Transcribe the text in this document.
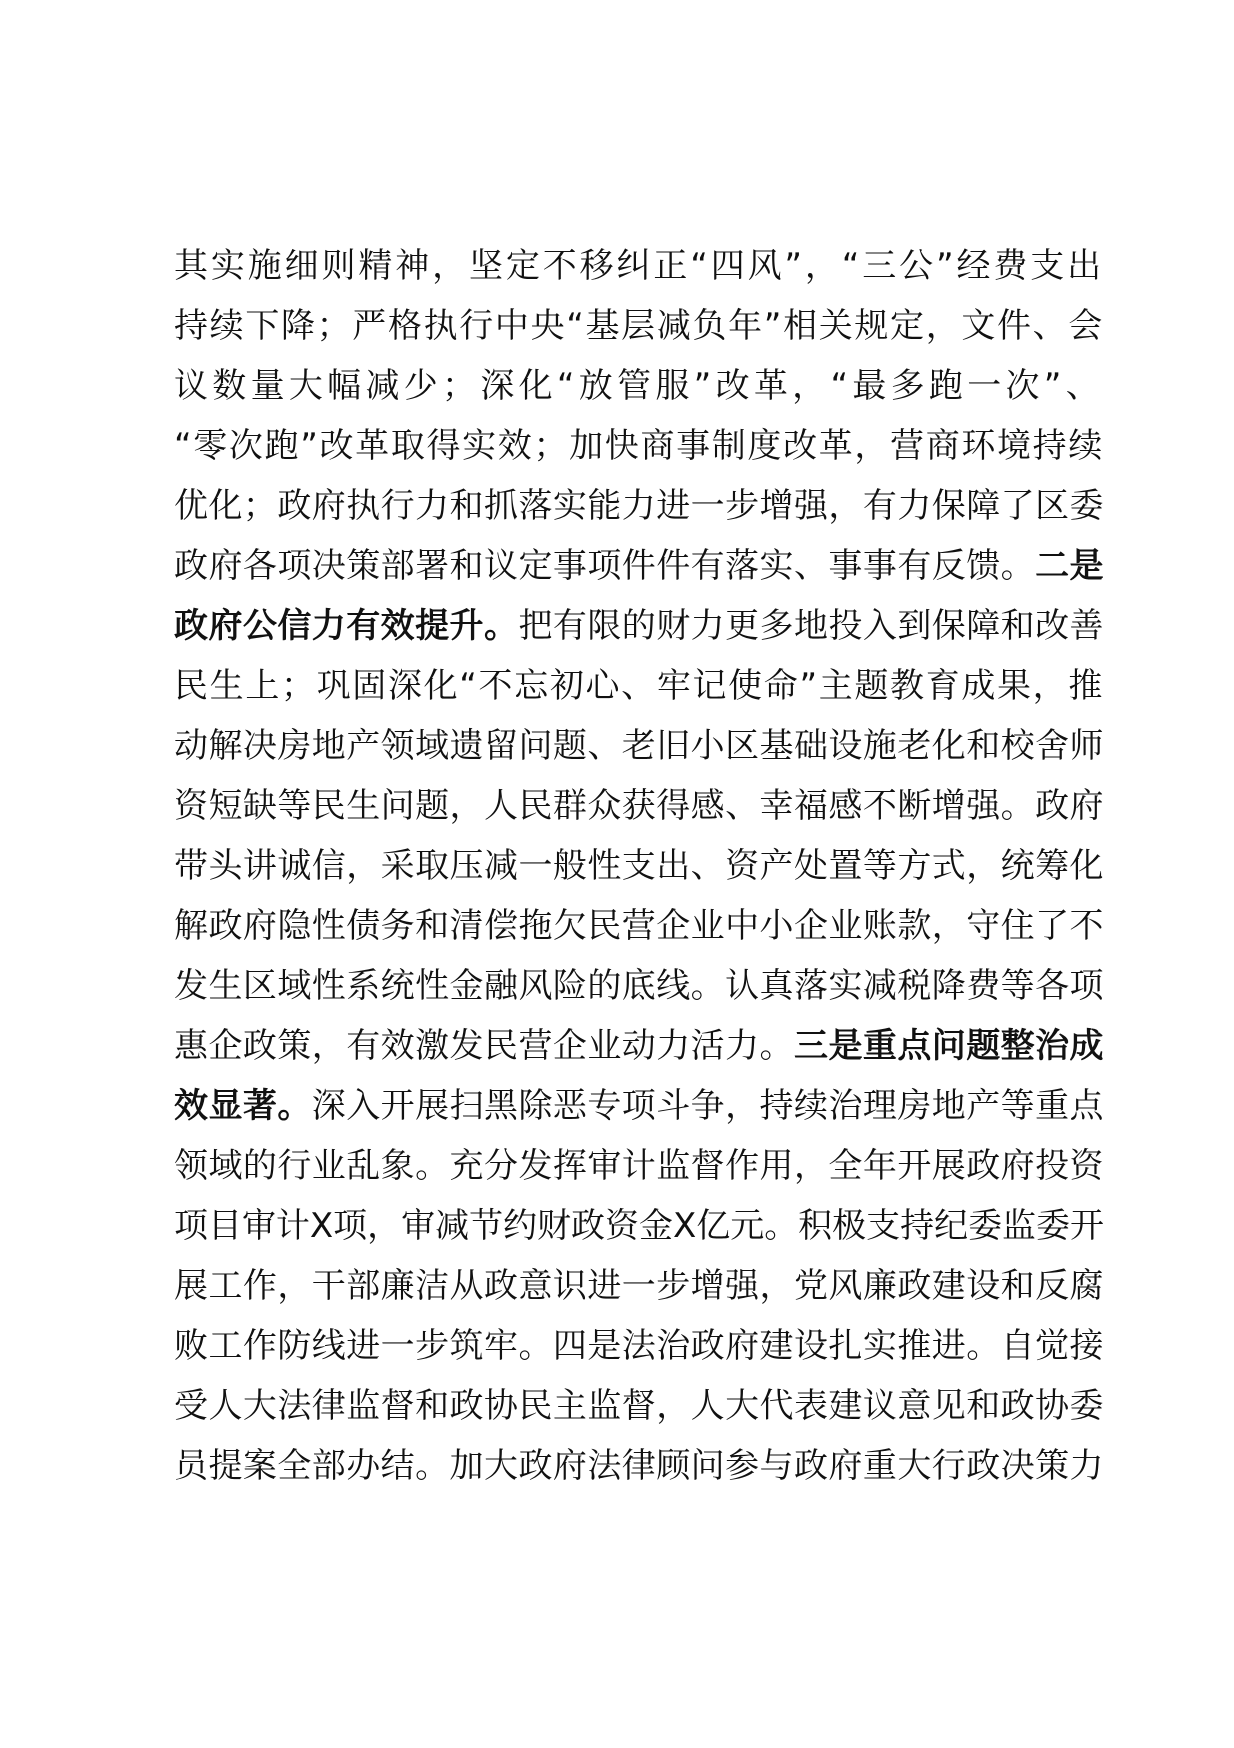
其实施细则精神，坚定不移纠正“四风”，“三公”经费支出
持续下降；严格执行中央“基层减负年”相关规定，文件、会
议数量大幅减少；深化“放管服”改革，“最多跑一次”、
“零次跑”改革取得实效；加快商事制度改革，营商环境持续
优化；政府执行力和抓落实能力进一步增强，有力保障了区委
政府各项决策部署和议定事项件件有落实、事事有反馈。二是
政府公信力有效提升。把有限的财力更多地投入到保障和改善
民生上；巩固深化“不忘初心、牢记使命”主题教育成果，推
动解决房地产领域遗留问题、老旧小区基础设施老化和校舍师
资短缺等民生问题，人民群众获得感、幸福感不断增强。政府
带头讲诚信，采取压减一般性支出、资产处置等方式，统筹化
解政府隐性债务和清偿拖欠民营企业中小企业账款，守住了不
发生区域性系统性金融风险的底线。认真落实减税降费等各项
惠企政策，有效激发民营企业动力活力。三是重点问题整治成
效显著。深入开展扫黑除恶专项斗争，持续治理房地产等重点
领域的行业乱象。充分发挥审计监督作用，全年开展政府投资
项目审计X项，审减节约财政资金X亿元。积极支持纪委监委开
展工作，干部廉洁从政意识进一步增强，党风廉政建设和反腐
败工作防线进一步筑牢。四是法治政府建设扎实推进。自觉接
受人大法律监督和政协民主监督，人大代表建议意见和政协委
员提案全部办结。加大政府法律顾问参与政府重大行政决策力
